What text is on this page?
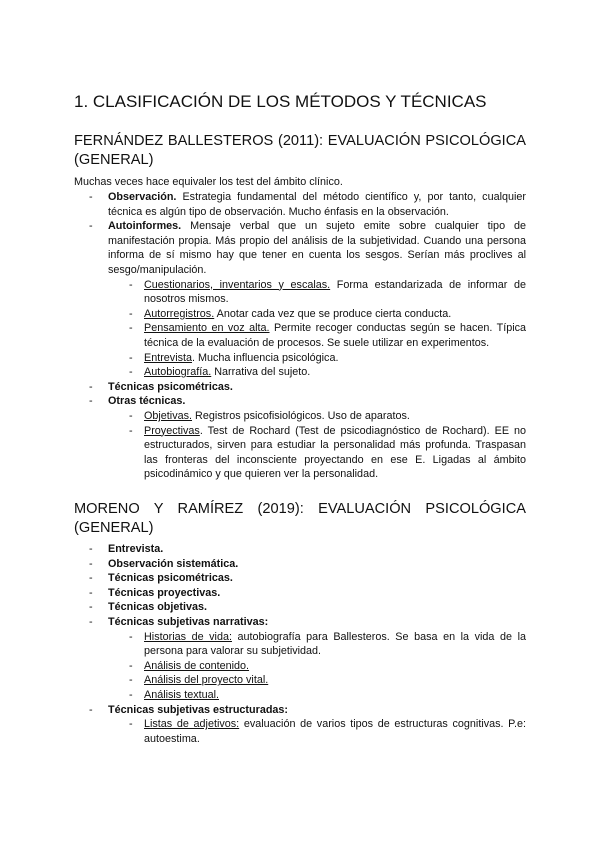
1. CLASIFICACIÓN DE LOS MÉTODOS Y TÉCNICAS
FERNÁNDEZ BALLESTEROS (2011): EVALUACIÓN PSICOLÓGICA (GENERAL)

Muchas veces hace equivaler los test del ámbito clínico.

- Observación. Estrategia fundamental del método científico y, por tanto, cualquier técnica es algún tipo de observación. Mucho énfasis en la observación.

- Autoinformes. Mensaje verbal que un sujeto emite sobre cualquier tipo de manifestación propia. Más propio del análisis de la subjetividad. Cuando una persona informa de sí mismo hay que tener en cuenta los sesgos. Serían más proclives al sesgo/manipulación.

- Cuestionarios, inventarios y escalas. Forma estandarizada de informar de nosotros mismos.

- Autorregistros. Anotar cada vez que se produce cierta conducta.

- Pensamiento en voz alta. Permite recoger conductas según se hacen. Típica técnica de la evaluación de procesos. Se suele utilizar en experimentos.

- Entrevista. Mucha influencia psicológica.

- Autobiografía. Narrativa del sujeto.

- Técnicas psicométricas.

- Otras técnicas.

- Objetivas. Registros psicofisiológicos. Uso de aparatos.

- Proyectivas. Test de Rochard (Test de psicodiagnóstico de Rochard). EE no estructurados, sirven para estudiar la personalidad más profunda. Traspasan las fronteras del inconsciente proyectando en ese E. Ligadas al ámbito psicodinámico y que quieren ver la personalidad.

MORENO Y RAMÍREZ (2019): EVALUACIÓN PSICOLÓGICA (GENERAL)

- Entrevista.

- Observación sistemática.

- Técnicas psicométricas.

- Técnicas proyectivas.

- Técnicas objetivas.

- Técnicas subjetivas narrativas:

- Historias de vida: autobiografía para Ballesteros. Se basa en la vida de la persona para valorar su subjetividad.

- Análisis de contenido.

- Análisis del proyecto vital.

- Análisis textual.

- Técnicas subjetivas estructuradas:

- Listas de adjetivos: evaluación de varios tipos de estructuras cognitivas. P.e: autoestima.
